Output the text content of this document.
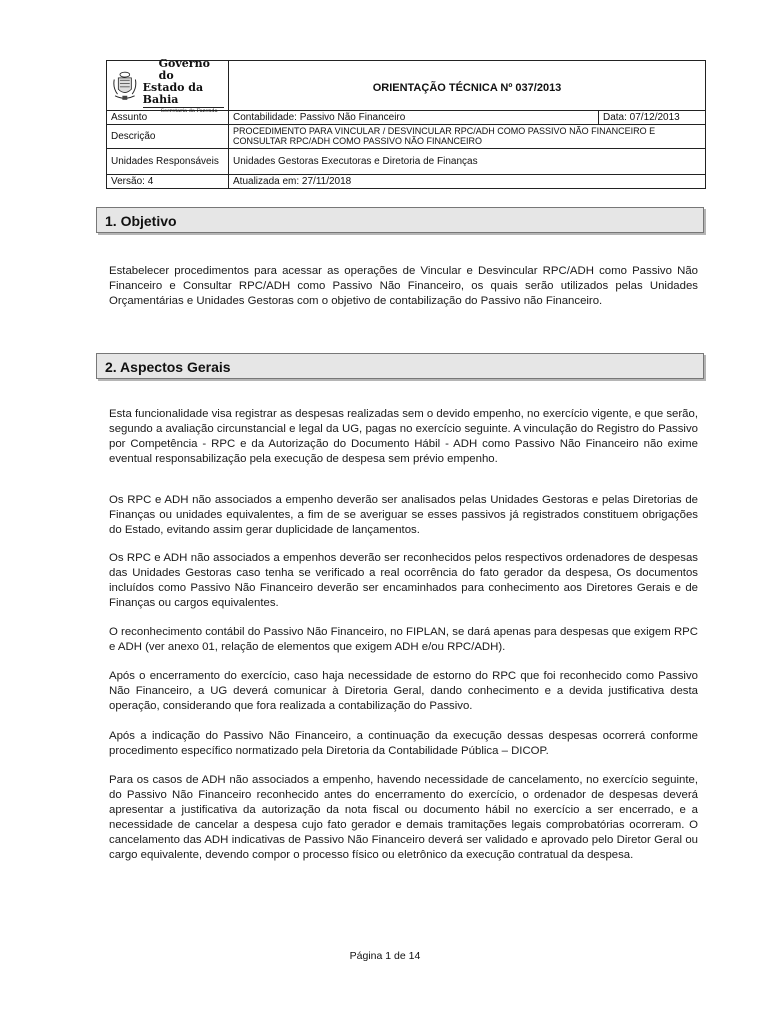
Governo do
Estado da Bahia
Secretaria da Fazenda	ORIENTAÇÃO TÉCNICA Nº 037/2013	
Assunto	Contabilidade: Passivo Não Financeiro	Data: 07/12/2013
Descrição	PROCEDIMENTO PARA VINCULAR / DESVINCULAR RPC/ADH COMO PASSIVO NÃO FINANCEIRO E CONSULTAR RPC/ADH COMO PASSIVO NÃO FINANCEIRO	
Unidades Responsáveis	Unidades Gestoras Executoras e Diretoria de Finanças	
Versão: 4	Atualizada em: 27/11/2018	
1. Objetivo

Estabelecer procedimentos para acessar as operações de Vincular e Desvincular RPC/ADH como Passivo Não Financeiro e Consultar RPC/ADH como Passivo Não Financeiro, os quais serão utilizados pelas Unidades Orçamentárias e Unidades Gestoras com o objetivo de contabilização do Passivo não Financeiro.

2. Aspectos Gerais

Esta funcionalidade visa registrar as despesas realizadas sem o devido empenho, no exercício vigente, e que serão, segundo a avaliação circunstancial e legal da UG, pagas no exercício seguinte. A vinculação do Registro do Passivo por Competência - RPC e da Autorização do Documento Hábil - ADH como Passivo Não Financeiro não exime eventual responsabilização pela execução de despesa sem prévio empenho.

Os RPC e ADH não associados a empenho deverão ser analisados pelas Unidades Gestoras e pelas Diretorias de Finanças ou unidades equivalentes, a fim de se averiguar se esses passivos já registrados constituem obrigações do Estado, evitando assim gerar duplicidade de lançamentos.

Os RPC e ADH não associados a empenhos deverão ser reconhecidos pelos respectivos ordenadores de despesas das Unidades Gestoras caso tenha se verificado a real ocorrência do fato gerador da despesa, Os documentos incluídos como Passivo Não Financeiro deverão ser encaminhados para conhecimento aos Diretores Gerais e de Finanças ou cargos equivalentes.

O reconhecimento contábil do Passivo Não Financeiro, no FIPLAN, se dará apenas para despesas que exigem RPC e ADH (ver anexo 01, relação de elementos que exigem ADH e/ou RPC/ADH).

Após o encerramento do exercício, caso haja necessidade de estorno do RPC que foi reconhecido como Passivo Não Financeiro, a UG deverá comunicar à Diretoria Geral, dando conhecimento e a devida justificativa desta operação, considerando que fora realizada a contabilização do Passivo.

Após a indicação do Passivo Não Financeiro, a continuação da execução dessas despesas ocorrerá conforme procedimento específico normatizado pela Diretoria da Contabilidade Pública – DICOP.

Para os casos de ADH não associados a empenho, havendo necessidade de cancelamento, no exercício seguinte, do Passivo Não Financeiro reconhecido antes do encerramento do exercício, o ordenador de despesas deverá apresentar a justificativa da autorização da nota fiscal ou documento hábil no exercício a ser encerrado, e a necessidade de cancelar a despesa cujo fato gerador e demais tramitações legais comprobatórias ocorreram. O cancelamento das ADH indicativas de Passivo Não Financeiro deverá ser validado e aprovado pelo Diretor Geral ou cargo equivalente, devendo compor o processo físico ou eletrônico da execução contratual da despesa.

Página 1 de 14
